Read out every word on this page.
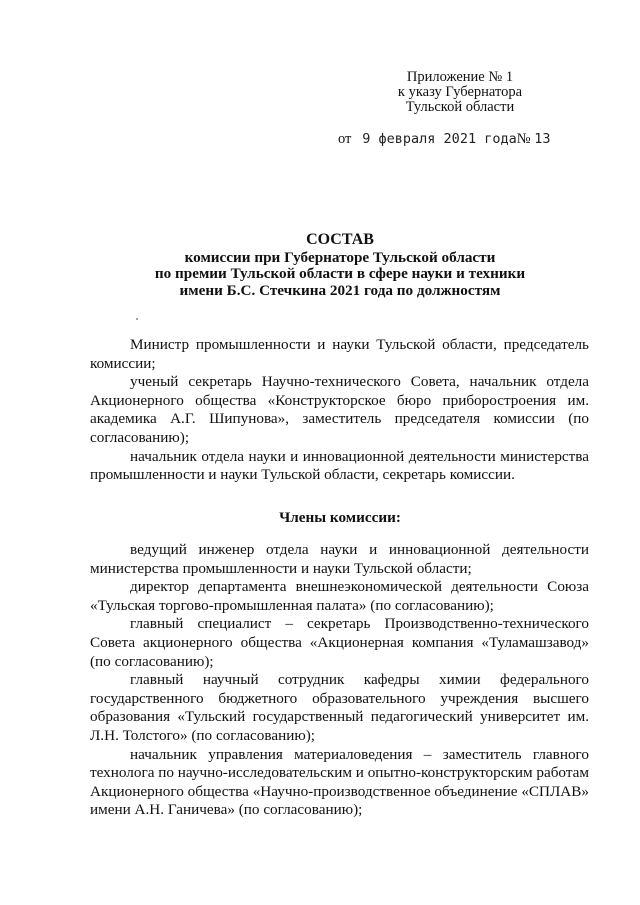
Приложение № 1
к указу Губернатора
Тульской области
от 9 февраля 2021 года№ 13
СОСТАВ
комиссии при Губернаторе Тульской области
по премии Тульской области в сфере науки и техники
имени Б.С. Стечкина 2021 года по должностям

Министр промышленности и науки Тульской области, председатель комиссии;

ученый секретарь Научно-технического Совета, начальник отдела Акционерного общества «Конструкторское бюро приборостроения им. академика А.Г. Шипунова», заместитель председателя комиссии (по согласованию);

начальник отдела науки и инновационной деятельности министерства промышленности и науки Тульской области, секретарь комиссии.

Члены комиссии:

ведущий инженер отдела науки и инновационной деятельности министерства промышленности и науки Тульской области;

директор департамента внешнеэкономической деятельности Союза «Тульская торгово-промышленная палата» (по согласованию);

главный специалист – секретарь Производственно-технического Совета акционерного общества «Акционерная компания «Туламашзавод» (по согласованию);

главный научный сотрудник кафедры химии федерального государственного бюджетного образовательного учреждения высшего образования «Тульский государственный педагогический университет им. Л.Н. Толстого» (по согласованию);

начальник управления материаловедения – заместитель главного технолога по научно-исследовательским и опытно-конструкторским работам Акционерного общества «Научно-производственное объединение «СПЛАВ» имени А.Н. Ганичева» (по согласованию);
